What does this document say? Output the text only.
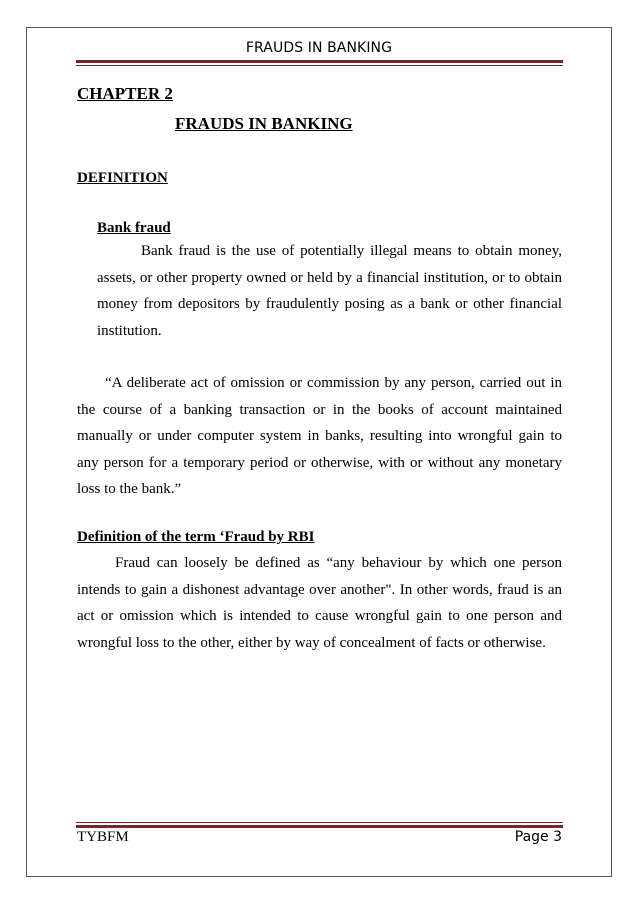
FRAUDS IN BANKING
CHAPTER 2
FRAUDS IN BANKING
DEFINITION
Bank fraud
Bank fraud is the use of potentially illegal means to obtain money, assets, or other property owned or held by a financial institution, or to obtain money from depositors by fraudulently posing as a bank or other financial institution.
“A deliberate act of omission or commission by any person, carried out in the course of a banking transaction or in the books of account maintained manually or under computer system in banks, resulting into wrongful gain to any person for a temporary period or otherwise, with or without any monetary loss to the bank.”
Definition of the term ‘Fraud by RBI
Fraud can loosely be defined as “any behaviour by which one person intends to gain a dishonest advantage over another". In other words, fraud is an act or omission which is intended to cause wrongful gain to one person and wrongful loss to the other, either by way of concealment of facts or otherwise.
TYBFM	Page 3
